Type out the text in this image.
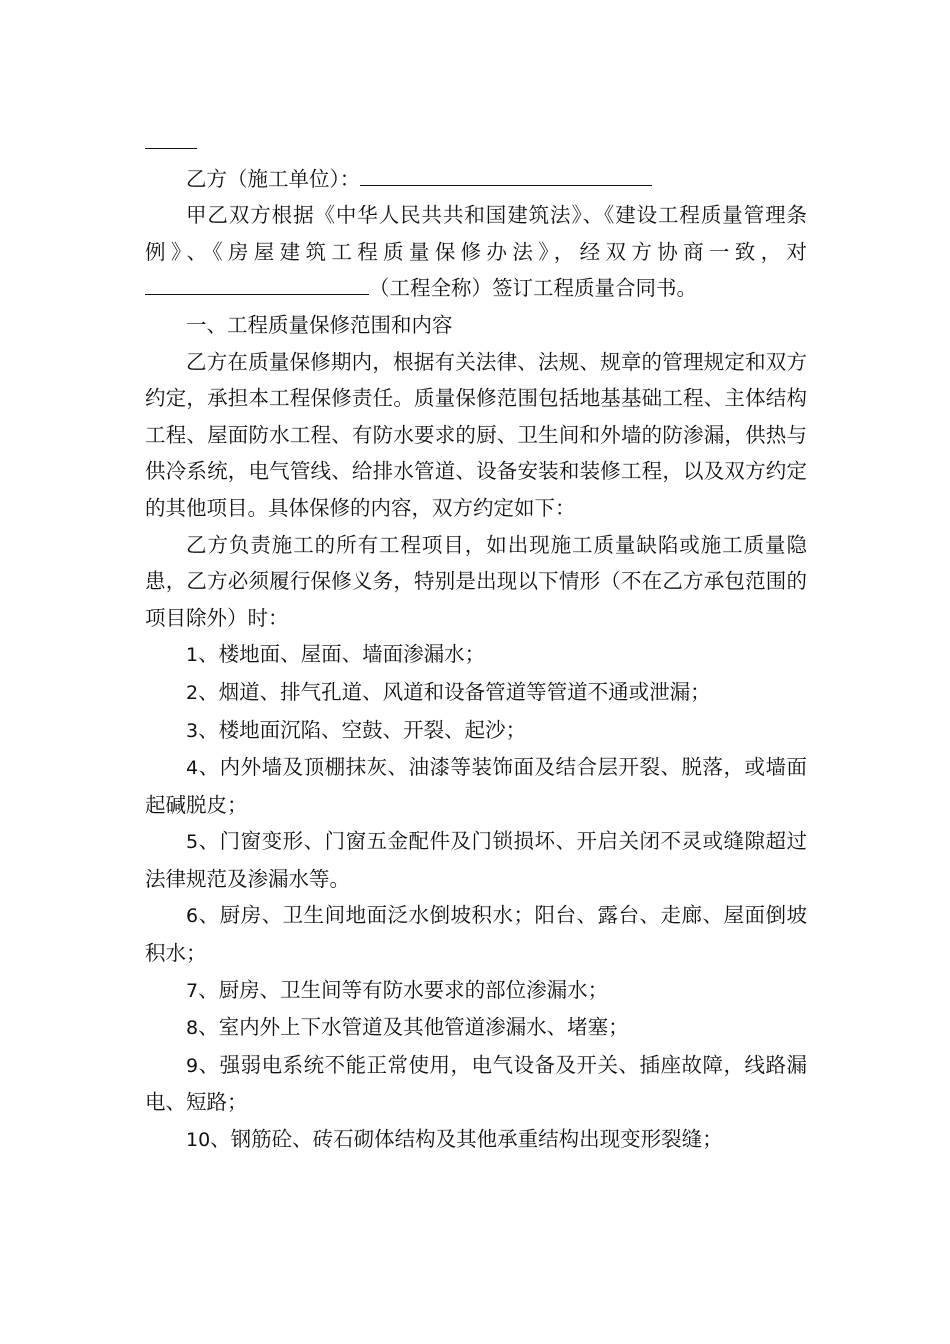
乙方（施工单位）：

甲乙双方根据《中华人民共共和国建筑法》、《建设工程质量管理条例》、《房屋建筑工程质量保修办法》，经双方协商一致，对（工程全称）签订工程质量合同书。

一、工程质量保修范围和内容

乙方在质量保修期内，根据有关法律、法规、规章的管理规定和双方约定，承担本工程保修责任。质量保修范围包括地基基础工程、主体结构工程、屋面防水工程、有防水要求的厨、卫生间和外墙的防渗漏，供热与供冷系统，电气管线、给排水管道、设备安装和装修工程，以及双方约定的其他项目。具体保修的内容，双方约定如下：

乙方负责施工的所有工程项目，如出现施工质量缺陷或施工质量隐患，乙方必须履行保修义务，特别是出现以下情形（不在乙方承包范围的项目除外）时：

1、楼地面、屋面、墙面渗漏水；

2、烟道、排气孔道、风道和设备管道等管道不通或泄漏；

3、楼地面沉陷、空鼓、开裂、起沙；

4、内外墙及顶棚抹灰、油漆等装饰面及结合层开裂、脱落，或墙面起碱脱皮；

5、门窗变形、门窗五金配件及门锁损坏、开启关闭不灵或缝隙超过法律规范及渗漏水等。

6、厨房、卫生间地面泛水倒坡积水；阳台、露台、走廊、屋面倒坡积水；

7、厨房、卫生间等有防水要求的部位渗漏水；

8、室内外上下水管道及其他管道渗漏水、堵塞；

9、强弱电系统不能正常使用，电气设备及开关、插座故障，线路漏电、短路；

10、钢筋砼、砖石砌体结构及其他承重结构出现变形裂缝；
